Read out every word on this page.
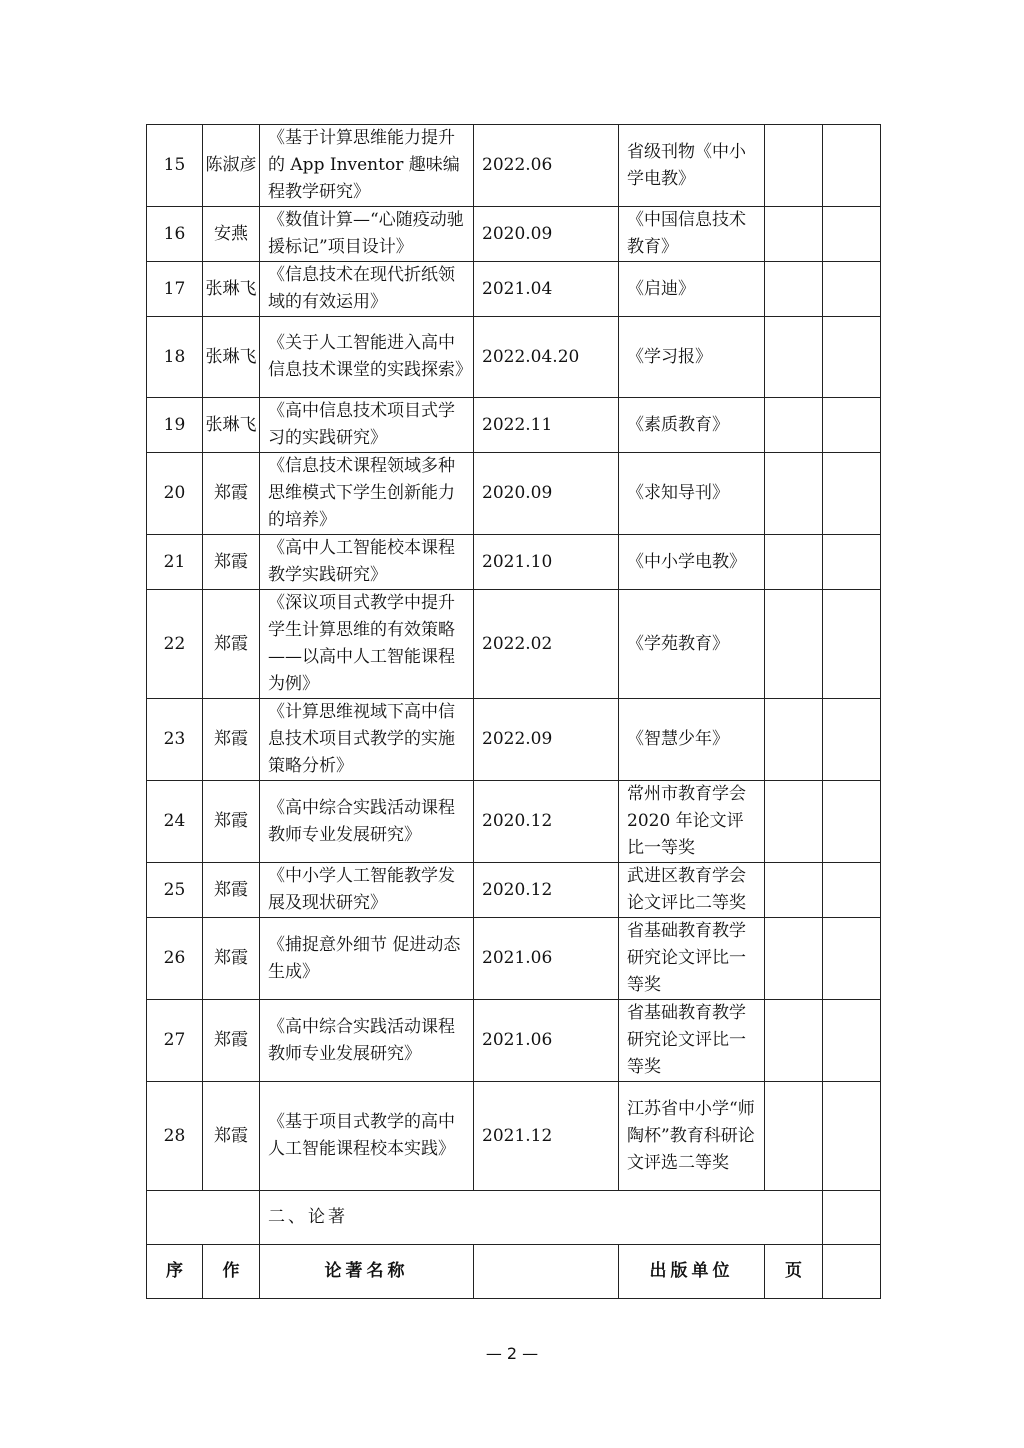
15	陈淑彦	《基于计算思维能力提升的 App Inventor 趣味编程教学研究》	2022.06	省级刊物《中小学电教》		
16	安燕	《数值计算—“心随疫动驰援标记”项目设计》	2020.09	《中国信息技术教育》		
17	张琳飞	《信息技术在现代折纸领域的有效运用》	2021.04	《启迪》		
18	张琳飞	《关于人工智能进入高中信息技术课堂的实践探索》	2022.04.20	《学习报》		
19	张琳飞	《高中信息技术项目式学习的实践研究》	2022.11	《素质教育》		
20	郑霞	《信息技术课程领域多种思维模式下学生创新能力的培养》	2020.09	《求知导刊》		
21	郑霞	《高中人工智能校本课程教学实践研究》	2021.10	《中小学电教》		
22	郑霞	《深议项目式教学中提升学生计算思维的有效策略——以高中人工智能课程为例》	2022.02	《学苑教育》		
23	郑霞	《计算思维视域下高中信息技术项目式教学的实施策略分析》	2022.09	《智慧少年》		
24	郑霞	《高中综合实践活动课程教师专业发展研究》	2020.12	常州市教育学会 2020 年论文评比一等奖		
25	郑霞	《中小学人工智能教学发展及现状研究》	2020.12	武进区教育学会论文评比二等奖		
26	郑霞	《捕捉意外细节 促进动态生成》	2021.06	省基础教育教学研究论文评比一等奖		
27	郑霞	《高中综合实践活动课程教师专业发展研究》	2021.06	省基础教育教学研究论文评比一等奖		
28	郑霞	《基于项目式教学的高中人工智能课程校本实践》	2021.12	江苏省中小学“师陶杯”教育科研论文评选二等奖		
		二、论著				
序	作	论著名称		出版单位	页	
— 2 —
